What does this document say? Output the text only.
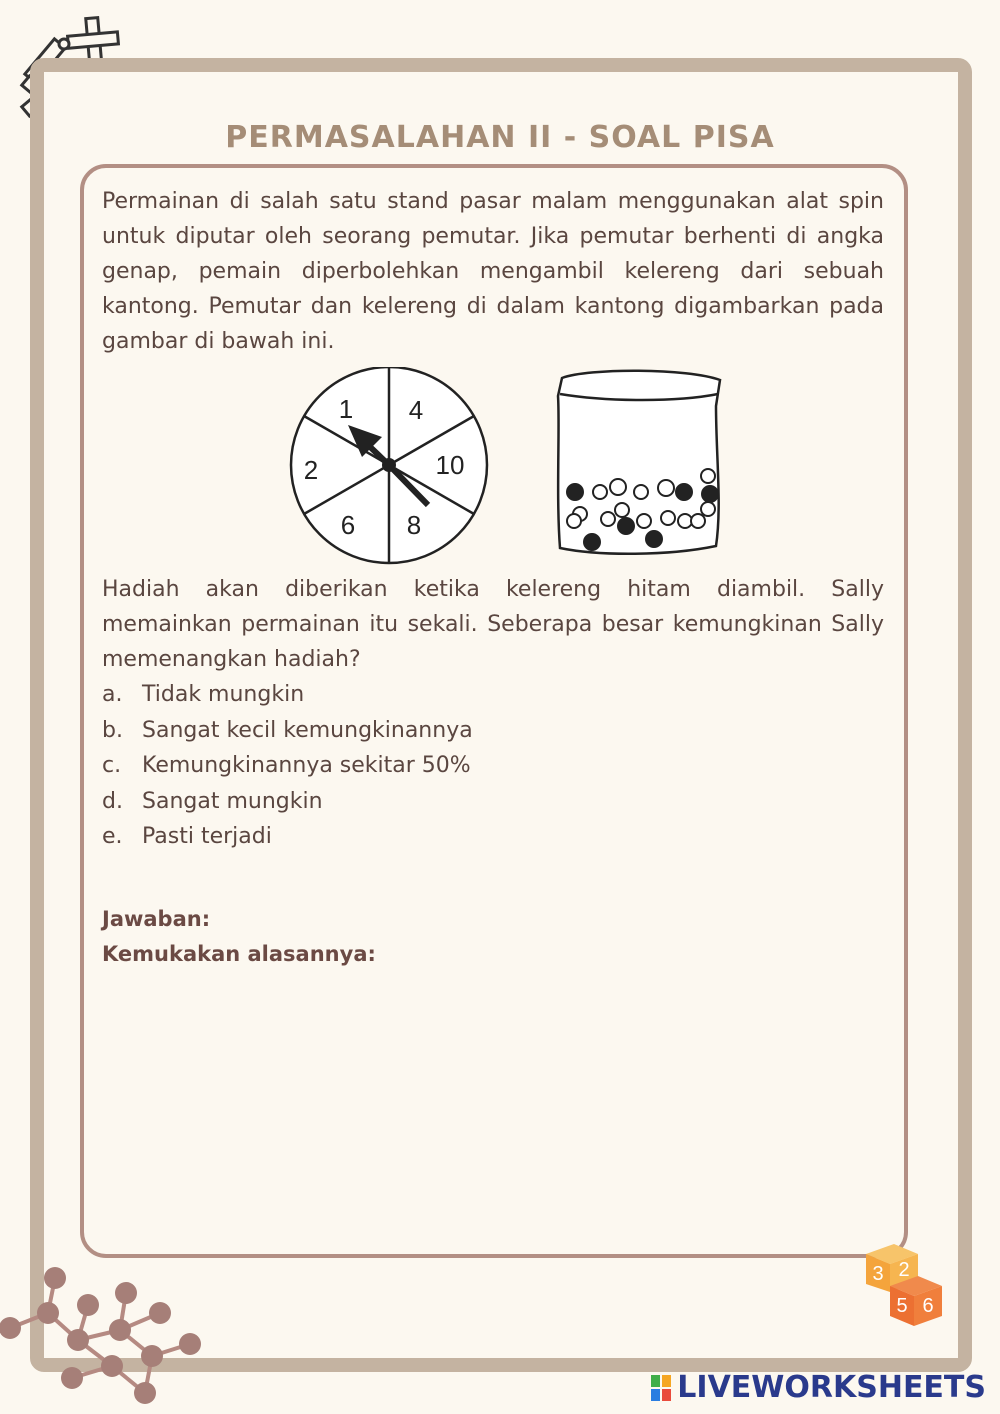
PERMASALAHAN II - SOAL PISA

Permainan di salah satu stand pasar malam menggunakan alat spin untuk diputar oleh seorang pemutar. Jika pemutar berhenti di angka genap, pemain diperbolehkan mengambil kelereng dari sebuah kantong. Pemutar dan kelereng di dalam kantong digambarkan pada gambar di bawah ini.

1 4
10
8
6
2

Hadiah akan diberikan ketika kelereng hitam diambil. Sally memainkan permainan itu sekali. Seberapa besar kemungkinan Sally memenangkan hadiah?

a. Tidak mungkin
b. Sangat kecil kemungkinannya
c. Kemungkinannya sekitar 50%
d. Sangat mungkin
e. Pasti terjadi
Jawaban:
Kemukakan alasannya:
3 2
5 6
LIVEWORKSHEETS
